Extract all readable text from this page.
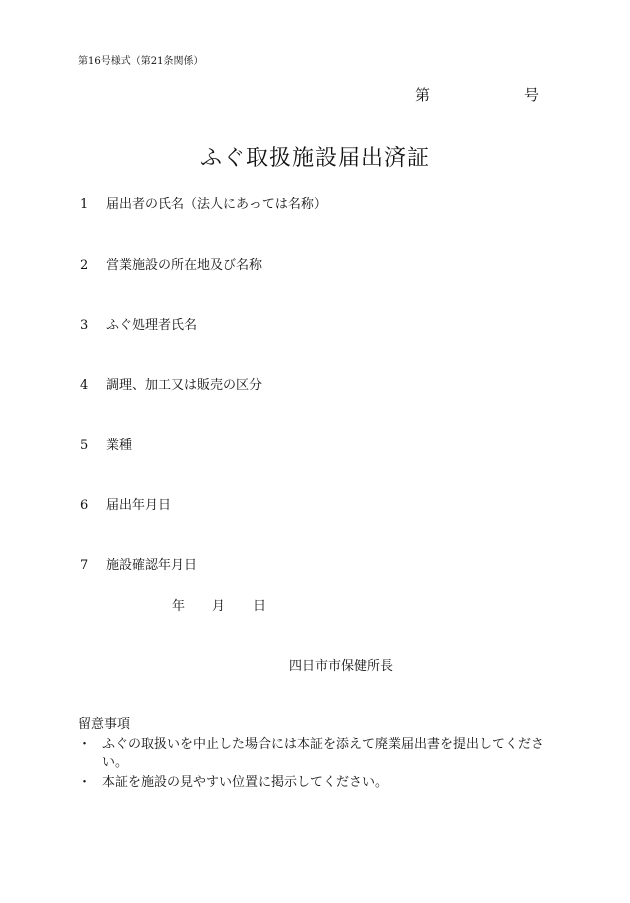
第16号様式（第21条関係）
第	号
ふぐ取扱施設届出済証
1 届出者の氏名（法人にあっては名称）
2 営業施設の所在地及び名称
3 ふぐ処理者氏名
4 調理、加工又は販売の区分
5 業種
6 届出年月日
7 施設確認年月日
年 月 日
四日市市保健所長
留意事項
・ ふぐの取扱いを中止した場合には本証を添えて廃業届出書を提出してください。
・ 本証を施設の見やすい位置に掲示してください。
